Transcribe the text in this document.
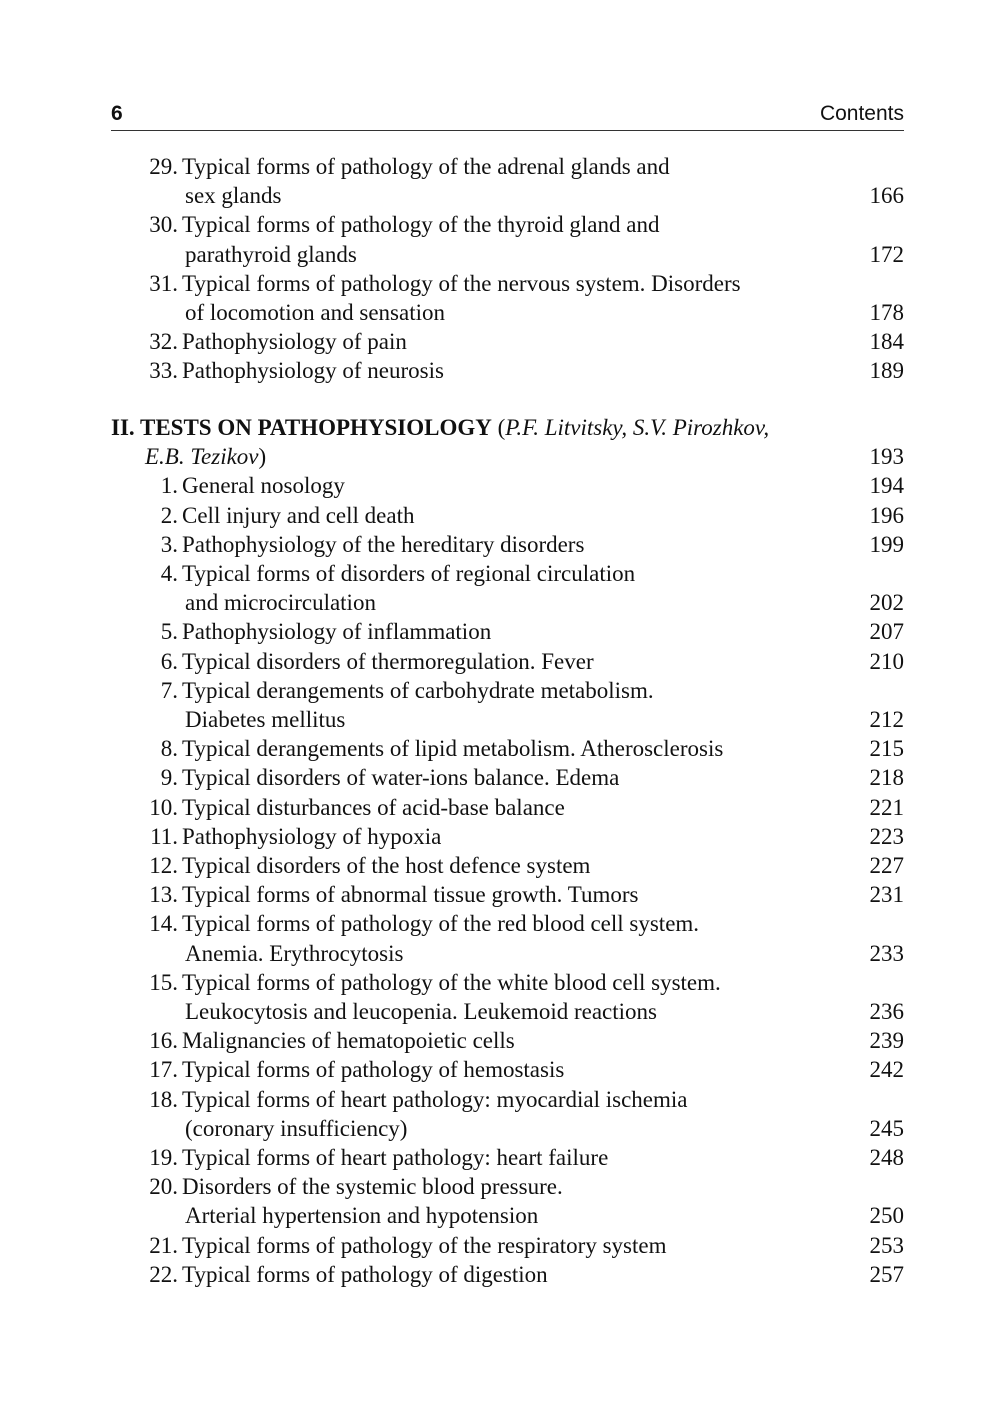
6	Contents
29. Typical forms of pathology of the adrenal glands and
sex glands	166
30. Typical forms of pathology of the thyroid gland and
parathyroid glands	172
31. Typical forms of pathology of the nervous system. Disorders
of locomotion and sensation	178
32. Pathophysiology of pain	184
33. Pathophysiology of neurosis	189
II. TESTS ON PATHOPHYSIOLOGY (P.F. Litvitsky, S.V. Pirozhkov,
E.B. Tezikov)	193
1. General nosology	194
2. Cell injury and cell death	196
3. Pathophysiology of the hereditary disorders	199
4. Typical forms of disorders of regional circulation
and microcirculation	202
5. Pathophysiology of inflammation	207
6. Typical disorders of thermoregulation. Fever	210
7. Typical derangements of carbohydrate metabolism.
Diabetes mellitus	212
8. Typical derangements of lipid metabolism. Atherosclerosis	215
9. Typical disorders of water-ions balance. Edema	218
10. Typical disturbances of acid-base balance	221
11. Pathophysiology of hypoxia	223
12. Typical disorders of the host defence system	227
13. Typical forms of abnormal tissue growth. Tumors	231
14. Typical forms of pathology of the red blood cell system.
Anemia. Erythrocytosis	233
15. Typical forms of pathology of the white blood cell system.
Leukocytosis and leucopenia. Leukemoid reactions	236
16. Malignancies of hematopoietic cells	239
17. Typical forms of pathology of hemostasis	242
18. Typical forms of heart pathology: myocardial ischemia
(coronary insufficiency)	245
19. Typical forms of heart pathology: heart failure	248
20. Disorders of the systemic blood pressure.
Arterial hypertension and hypotension	250
21. Typical forms of pathology of the respiratory system	253
22. Typical forms of pathology of digestion	257
